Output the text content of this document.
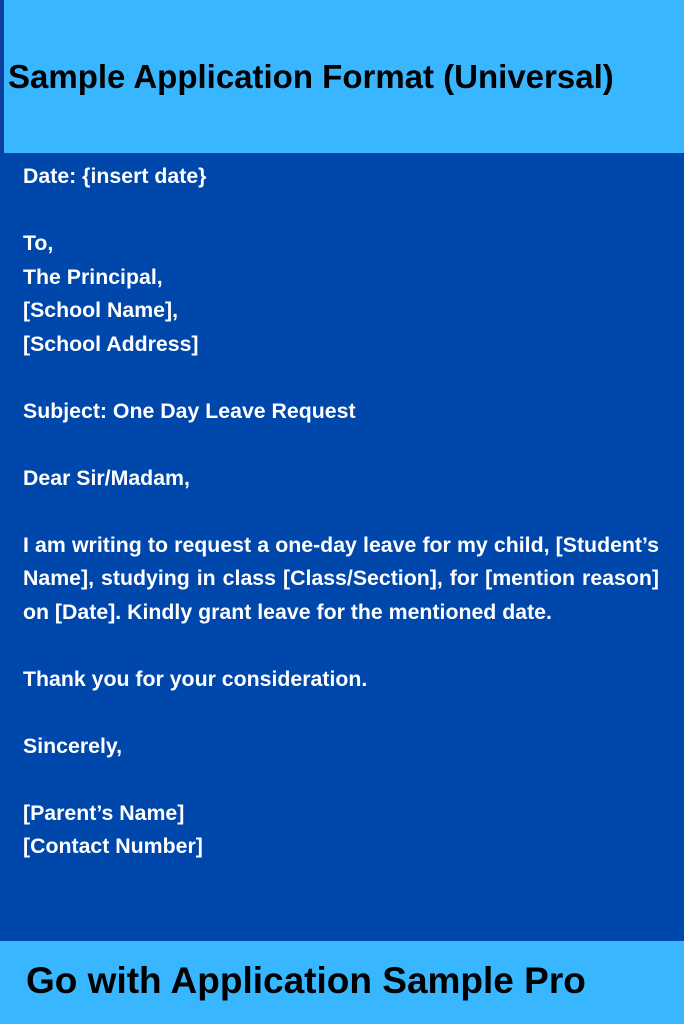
Sample Application Format (Universal)

Date: {insert date}

To,

The Principal,

[School Name],

[School Address]

Subject: One Day Leave Request

Dear Sir/Madam,

I am writing to request a one-day leave for my child, [Student’s Name], studying in class [Class/Section], for [mention reason] on [Date]. Kindly grant leave for the mentioned date.

Thank you for your consideration.

Sincerely,

[Parent’s Name]

[Contact Number]

Go with Application Sample Pro
